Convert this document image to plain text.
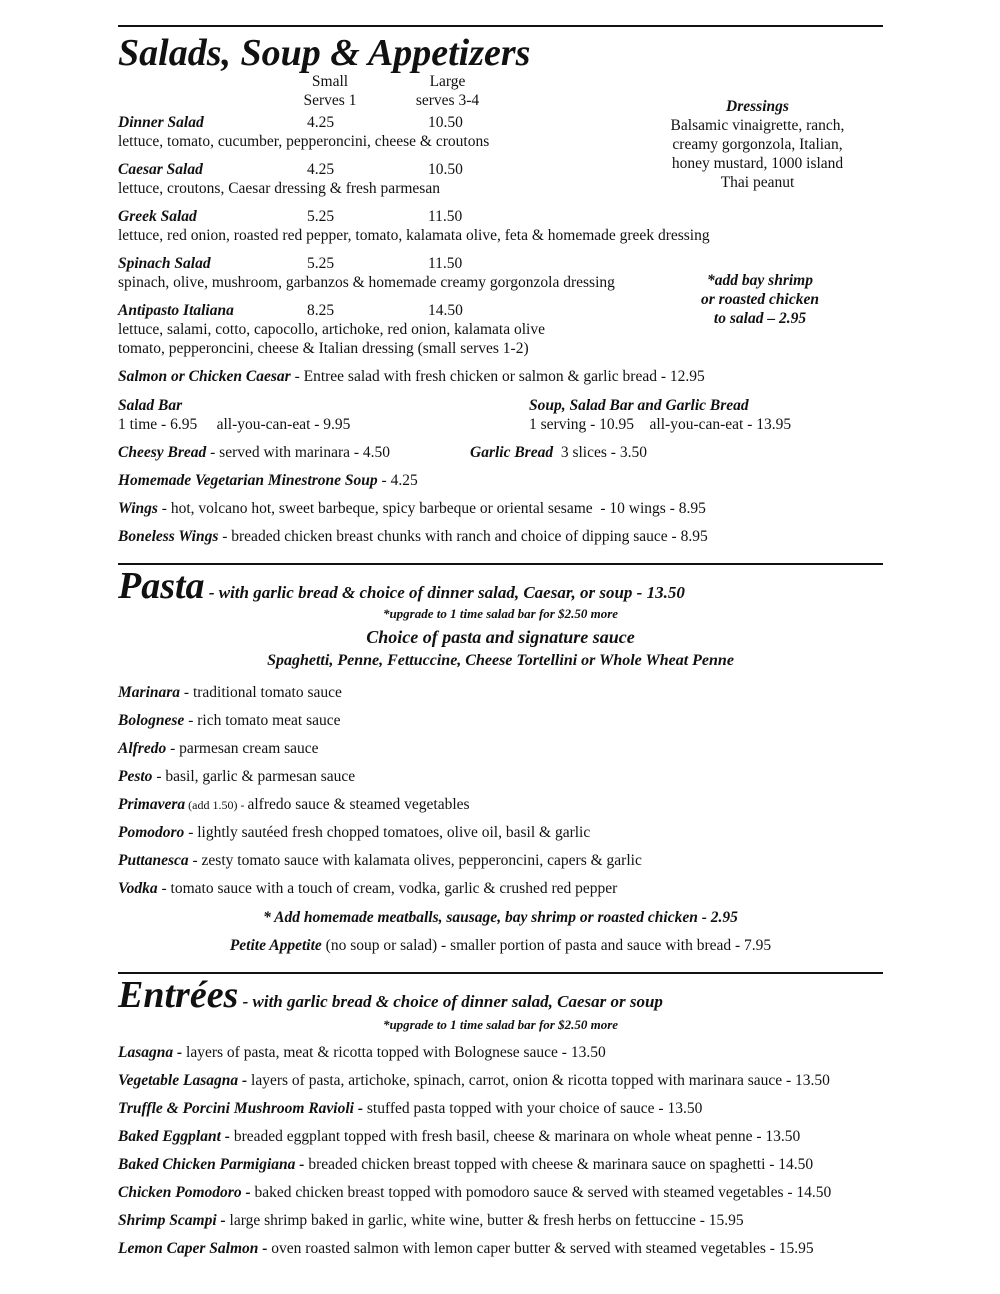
Salads, Soup & Appetizers
Small
Serves 1
Large
serves 3-4
Dinner Salad	4.25	10.50
lettuce, tomato, cucumber, pepperoncini, cheese & croutons
Caesar Salad	4.25	10.50
lettuce, croutons, Caesar dressing & fresh parmesan
Greek Salad	5.25	11.50
lettuce, red onion, roasted red pepper, tomato, kalamata olive, feta & homemade greek dressing
Spinach Salad	5.25	11.50
spinach, olive, mushroom, garbanzos & homemade creamy gorgonzola dressing
Antipasto Italiana	8.25	14.50
lettuce, salami, cotto, capocollo, artichoke, red onion, kalamata olive
tomato, pepperoncini, cheese & Italian dressing (small serves 1-2)
Dressings
Balsamic vinaigrette, ranch,
creamy gorgonzola, Italian,
honey mustard, 1000 island
Thai peanut
*add bay shrimp
or roasted chicken
to salad – 2.95
Salmon or Chicken Caesar - Entree salad with fresh chicken or salmon & garlic bread - 12.95
Salad Bar
1 time - 6.95     all-you-can-eat - 9.95
Soup, Salad Bar and Garlic Bread
1 serving - 10.95    all-you-can-eat - 13.95
Cheesy Bread - served with marinara - 4.50	Garlic Bread  3 slices - 3.50
Homemade Vegetarian Minestrone Soup - 4.25
Wings - hot, volcano hot, sweet barbeque, spicy barbeque or oriental sesame  - 10 wings - 8.95
Boneless Wings - breaded chicken breast chunks with ranch and choice of dipping sauce - 8.95
Pasta - with garlic bread & choice of dinner salad, Caesar, or soup - 13.50
*upgrade to 1 time salad bar for $2.50 more
Choice of pasta and signature sauce
Spaghetti, Penne, Fettuccine, Cheese Tortellini or Whole Wheat Penne
Marinara - traditional tomato sauce
Bolognese - rich tomato meat sauce
Alfredo - parmesan cream sauce
Pesto - basil, garlic & parmesan sauce
Primavera (add 1.50) - alfredo sauce & steamed vegetables
Pomodoro - lightly sautéed fresh chopped tomatoes, olive oil, basil & garlic
Puttanesca - zesty tomato sauce with kalamata olives, pepperoncini, capers & garlic
Vodka - tomato sauce with a touch of cream, vodka, garlic & crushed red pepper
* Add homemade meatballs, sausage, bay shrimp or roasted chicken - 2.95
Petite Appetite (no soup or salad) - smaller portion of pasta and sauce with bread - 7.95
Entrées - with garlic bread & choice of dinner salad, Caesar or soup
*upgrade to 1 time salad bar for $2.50 more
Lasagna - layers of pasta, meat & ricotta topped with Bolognese sauce - 13.50
Vegetable Lasagna - layers of pasta, artichoke, spinach, carrot, onion & ricotta topped with marinara sauce - 13.50
Truffle & Porcini Mushroom Ravioli - stuffed pasta topped with your choice of sauce - 13.50
Baked Eggplant - breaded eggplant topped with fresh basil, cheese & marinara on whole wheat penne - 13.50
Baked Chicken Parmigiana - breaded chicken breast topped with cheese & marinara sauce on spaghetti - 14.50
Chicken Pomodoro - baked chicken breast topped with pomodoro sauce & served with steamed vegetables - 14.50
Shrimp Scampi - large shrimp baked in garlic, white wine, butter & fresh herbs on fettuccine - 15.95
Lemon Caper Salmon - oven roasted salmon with lemon caper butter & served with steamed vegetables - 15.95
